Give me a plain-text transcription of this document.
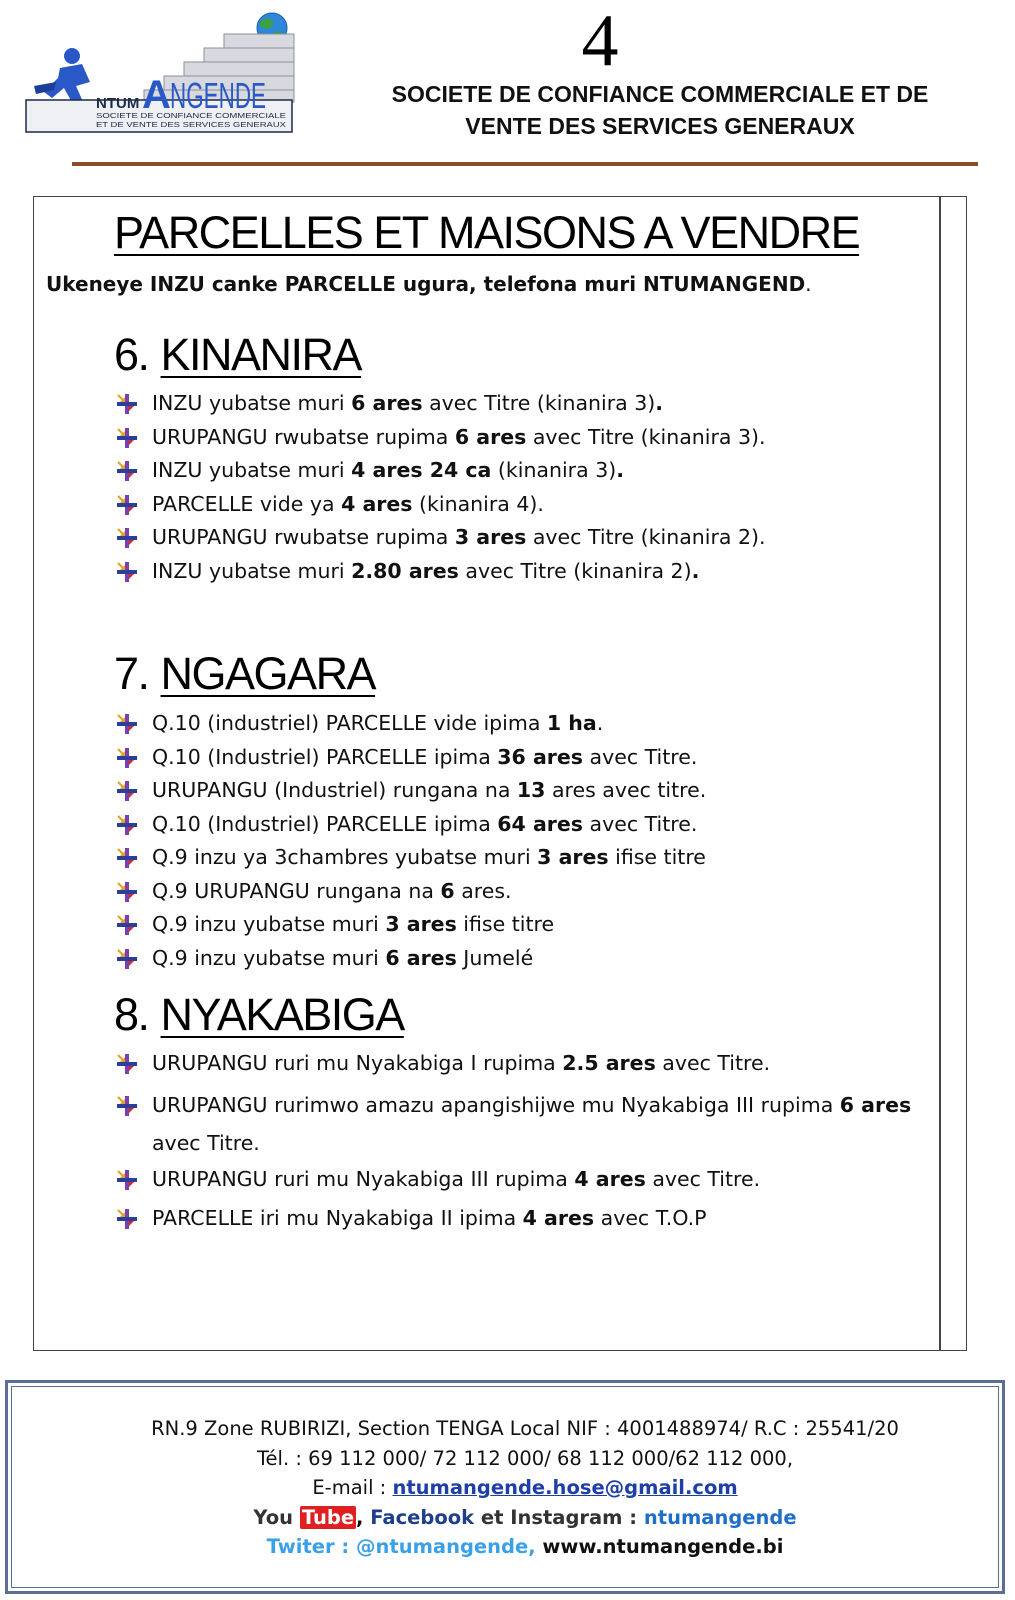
NTUM A NGENDE
SOCIETE DE CONFIANCE COMMERCIALE
ET DE VENTE DES SERVICES GENERAUX
4
SOCIETE DE CONFIANCE COMMERCIALE ET DE
VENTE DES SERVICES GENERAUX
PARCELLES ET MAISONS A VENDRE
Ukeneye INZU canke PARCELLE ugura, telefona muri NTUMANGEND.
6. KINANIRA
INZU yubatse muri 6 ares avec Titre (kinanira 3).
URUPANGU rwubatse rupima 6 ares avec Titre (kinanira 3).
INZU yubatse muri 4 ares 24 ca (kinanira 3).
PARCELLE vide ya 4 ares (kinanira 4).
URUPANGU rwubatse rupima 3 ares avec Titre (kinanira 2).
INZU yubatse muri 2.80 ares avec Titre (kinanira 2).
7. NGAGARA
Q.10 (industriel) PARCELLE vide ipima 1 ha.
Q.10 (Industriel) PARCELLE ipima 36 ares avec Titre.
URUPANGU (Industriel) rungana na 13 ares avec titre.
Q.10 (Industriel) PARCELLE ipima 64 ares avec Titre.
Q.9 inzu ya 3chambres yubatse muri 3 ares ifise titre
Q.9 URUPANGU rungana na 6 ares.
Q.9 inzu yubatse muri 3 ares ifise titre
Q.9 inzu yubatse muri 6 ares Jumelé
8. NYAKABIGA
URUPANGU ruri mu Nyakabiga I rupima 2.5 ares avec Titre.
URUPANGU rurimwo amazu apangishijwe mu Nyakabiga III rupima 6 ares avec Titre.
URUPANGU ruri mu Nyakabiga III rupima 4 ares avec Titre.
PARCELLE iri mu Nyakabiga II ipima 4 ares avec T.O.P
RN.9 Zone RUBIRIZI, Section TENGA Local NIF : 4001488974/ R.C : 25541/20
Tél. : 69 112 000/ 72 112 000/ 68 112 000/62 112 000,
E-mail : ntumangende.hose@gmail.com
You Tube , Facebook et Instagram : ntumangende
Twiter : @ntumangende, www.ntumangende.bi
